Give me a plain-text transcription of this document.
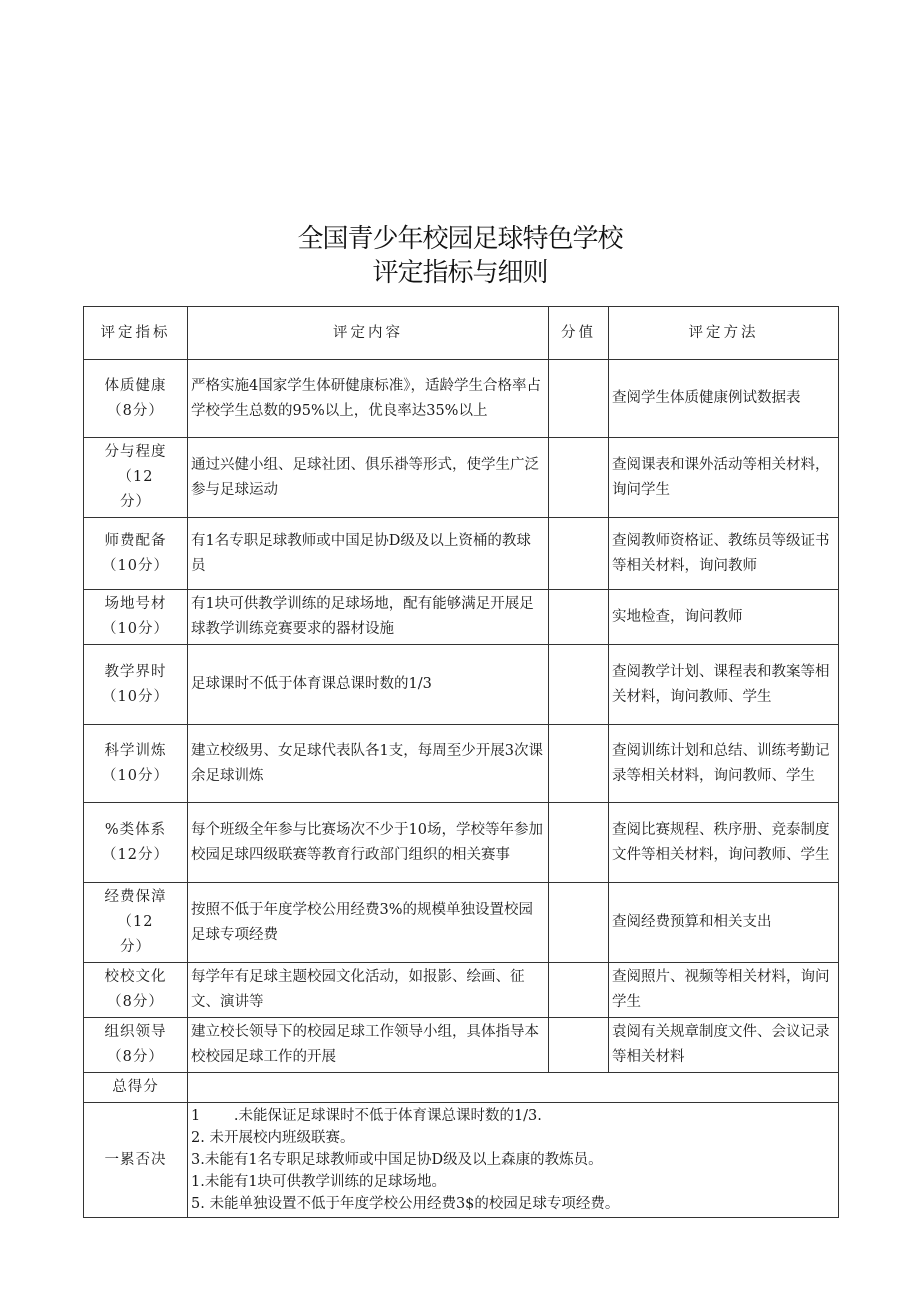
全国青少年校园足球特色学校
评定指标与细则
评定指标	评定内容	分值	评定方法

体质健康
（8分）	严格实施4国家学生体研健康标准》，适龄学生合格率占学校学生总数的95%以上，优良率达35%以上		查阅学生体质健康例试数据表

分与程度（12
分）	通过兴健小组、足球社团、俱乐褂等形式，使学生广泛参与足球运动		查阅课表和课外活动等相关材料，询问学生

师费配备
（10分）	有1名专职足球教师或中国足协D级及以上资桶的教球员		查阅教师资格证、教练员等级证书等相关材料，询问教师

场地号材
（10分）	有1块可供教学训练的足球场地，配有能够满足开展足球教学训练竞赛要求的器材设施		实地检查，询问教师

教学界时
（10分）	足球课时不低于体育课总课时数的1/3		查阅教学计划、课程表和教案等相关材料，询问教师、学生

科学训炼
（10分）	建立校级男、女足球代表队各1支，每周至少开展3次课余足球训炼		查阅训练计划和总结、训练考勤记录等相关材料，询问教师、学生

%类体系
（12分）	每个班级全年参与比赛场次不少于10场，学校等年参加校园足球四级联赛等教育行政部门组织的相关赛事		查阅比赛规程、秩序册、竞泰制度文件等相关材料，询问教师、学生

经费保漳（12
分）	按照不低于年度学校公用经费3%的规模单独设置校园足球专项经费		查阅经费预算和相关支出

校校文化
（8分）	每学年有足球主题校园文化活动，如报影、绘画、征文、演讲等		查阅照片、视频等相关材料，询问学生

组织领导
（8分）	建立校长领导下的校园足球工作领导小组，具体指导本校校园足球工作的开展		袁阅有关规章制度文件、会议记录等相关材料
总得分			
一累否决	1　　 .未能保证足球课时不低于体育课总课时数的1/3.
2. 未开展校内班级联赛。
3.未能有1名专职足球教师或中国足协D级及以上森康的教炼员。
1.未能有1块可供教学训练的足球场地。
5. 未能单独设置不低于年度学校公用经费3$的校园足球专项经费。		
